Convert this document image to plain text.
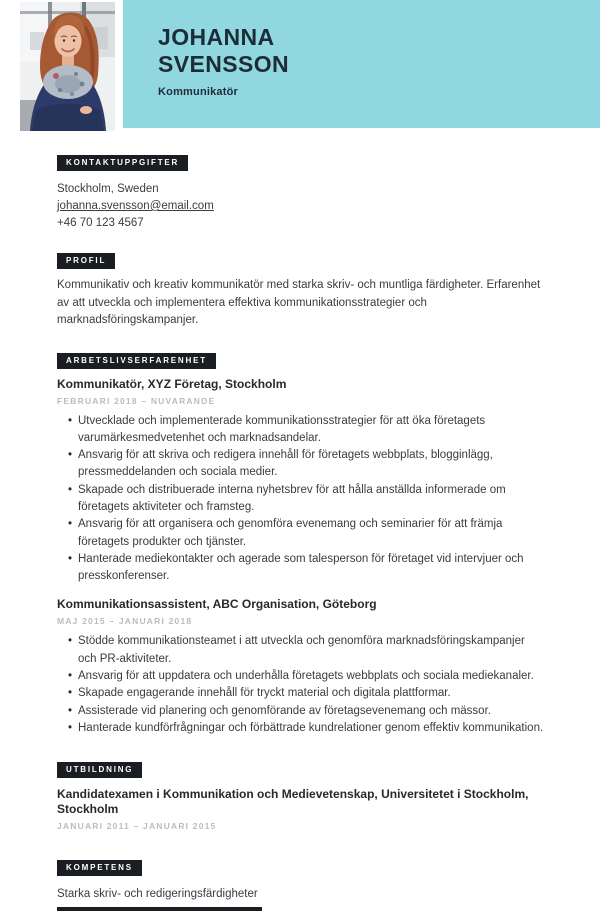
JOHANNA
SVENSSON

Kommunikatör

KONTAKTUPPGIFTER

Stockholm, Sweden

johanna.svensson@email.com

+46 70 123 4567

PROFIL

Kommunikativ och kreativ kommunikatör med starka skriv- och muntliga färdigheter. Erfarenhet av att utveckla och implementera effektiva kommunikationsstrategier och marknadsföringskampanjer.

ARBETSLIVSERFARENHET
Kommunikatör, XYZ Företag, Stockholm

FEBRUARI 2018 – NUVARANDE

• Utvecklade och implementerade kommunikationsstrategier för att öka företagets varumärkesmedvetenhet och marknadsandelar.
• Ansvarig för att skriva och redigera innehåll för företagets webbplats, blogginlägg, pressmeddelanden och sociala medier.
• Skapade och distribuerade interna nyhetsbrev för att hålla anställda informerade om företagets aktiviteter och framsteg.
• Ansvarig för att organisera och genomföra evenemang och seminarier för att främja företagets produkter och tjänster.
• Hanterade mediekontakter och agerade som talesperson för företaget vid intervjuer och presskonferenser.
Kommunikationsassistent, ABC Organisation, Göteborg

MAJ 2015 – JANUARI 2018

• Stödde kommunikationsteamet i att utveckla och genomföra marknadsföringskampanjer och PR-aktiviteter.
• Ansvarig för att uppdatera och underhålla företagets webbplats och sociala mediekanaler.
• Skapade engagerande innehåll för tryckt material och digitala plattformar.
• Assisterade vid planering och genomförande av företagsevenemang och mässor.
• Hanterade kundförfrågningar och förbättrade kundrelationer genom effektiv kommunikation.
UTBILDNING
Kandidatexamen i Kommunikation och Medievetenskap, Universitetet i Stockholm, Stockholm

JANUARI 2011 – JANUARI 2015

KOMPETENS

Starka skriv- och redigeringsfärdigheter
